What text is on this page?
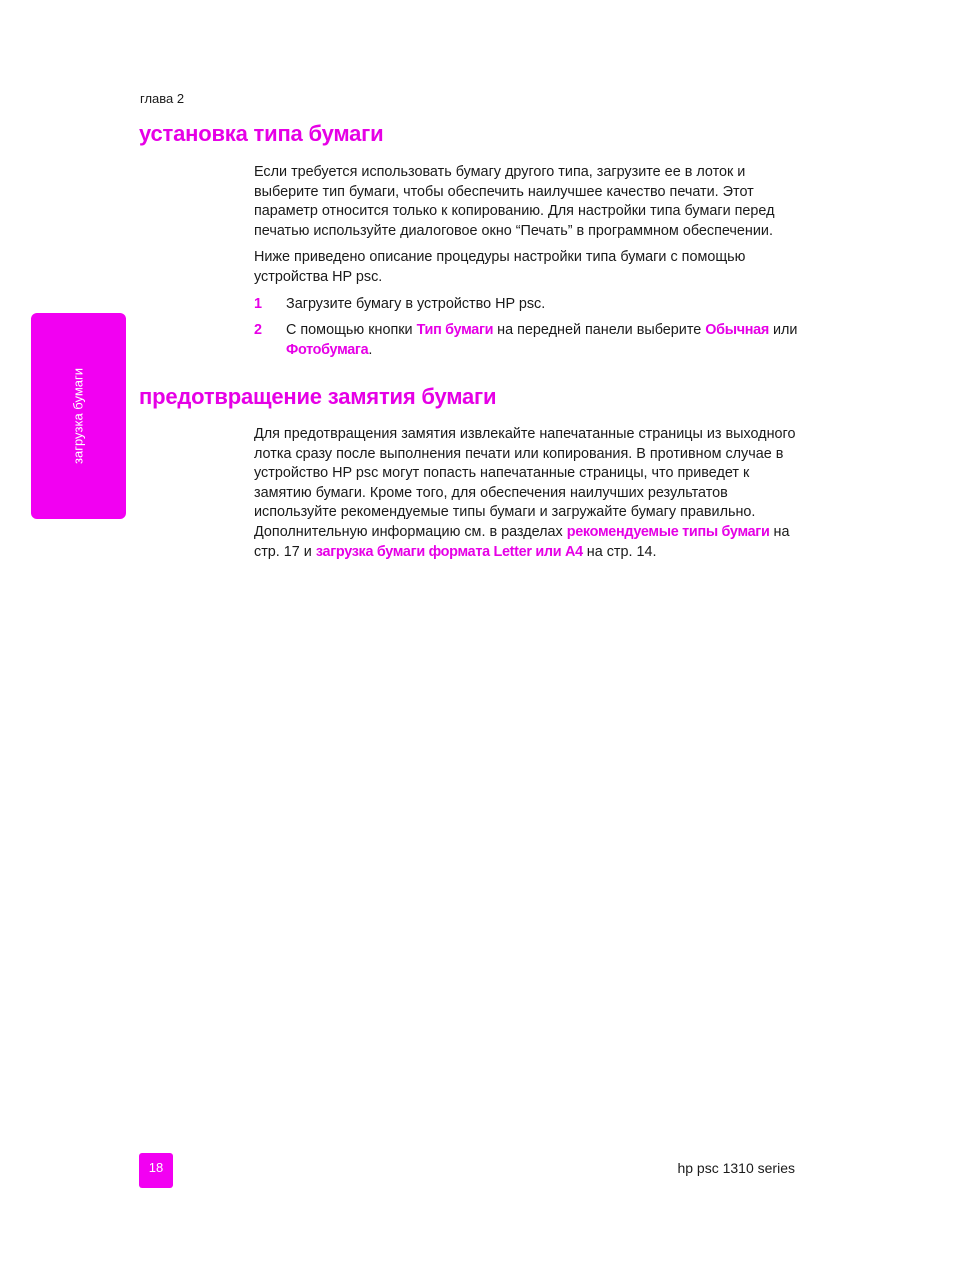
глава 2
установка типа бумаги

Если требуется использовать бумагу другого типа, загрузите ее в лоток и выберите тип бумаги, чтобы обеспечить наилучшее качество печати. Этот параметр относится только к копированию. Для настройки типа бумаги перед печатью используйте диалоговое окно “Печать” в программном обеспечении.

Ниже приведено описание процедуры настройки типа бумаги с помощью устройства HP psc.

1 Загрузите бумагу в устройство HP psc.
2 С помощью кнопки Тип бумаги на передней панели выберите Обычная или Фотобумага.
предотвращение замятия бумаги

Для предотвращения замятия извлекайте напечатанные страницы из выходного лотка сразу после выполнения печати или копирования. В противном случае в устройство HP psc могут попасть напечатанные страницы, что приведет к замятию бумаги. Кроме того, для обеспечения наилучших результатов используйте рекомендуемые типы бумаги и загружайте бумагу правильно. Дополнительную информацию см. в разделах рекомендуемые типы бумаги на стр. 17 и загрузка бумаги формата Letter или A4 на стр. 14.

загрузка бумаги
18	hp psc 1310 series
